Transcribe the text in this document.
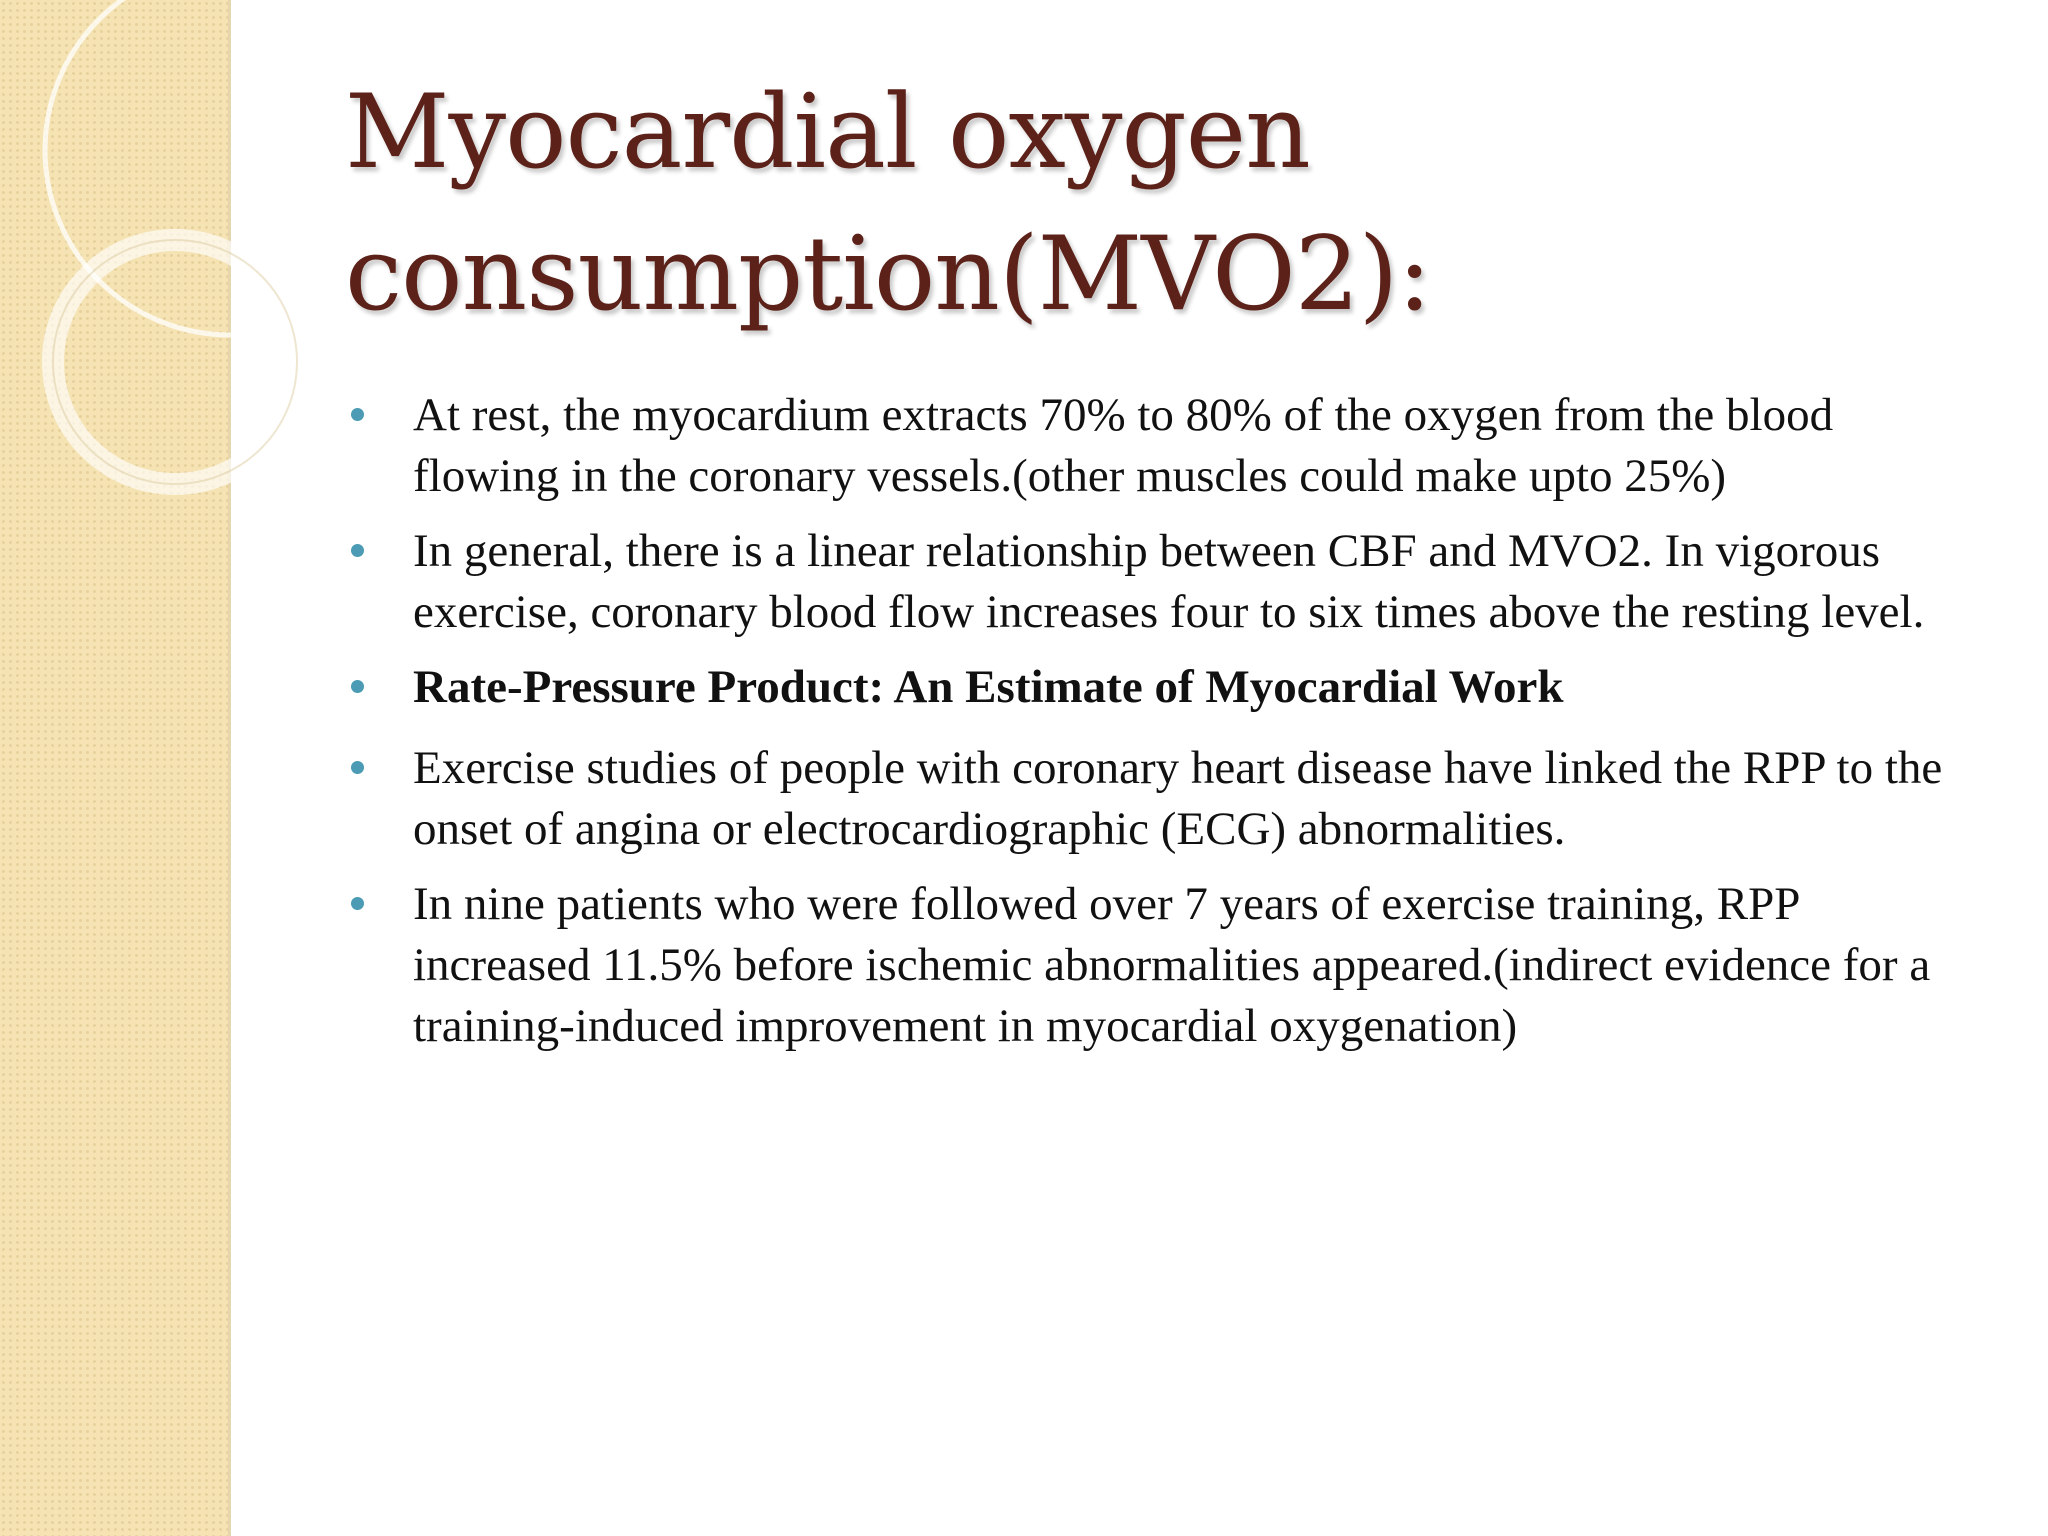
Myocardial oxygen
consumption(MVO2):
At rest, the myocardium extracts 70% to 80% of the oxygen from the blood flowing in the coronary vessels.(other muscles could make upto 25%)
In general, there is a linear relationship between CBF and MVO2. In vigorous exercise, coronary blood flow increases four to six times above the resting level.
Rate-Pressure Product: An Estimate of Myocardial Work
Exercise studies of people with coronary heart disease have linked the RPP to the onset of angina or electrocardiographic (ECG) abnormalities.
In nine patients who were followed over 7 years of exercise training, RPP increased 11.5% before ischemic abnormalities appeared.(indirect evidence for a training-induced improvement in myocardial oxygenation)
